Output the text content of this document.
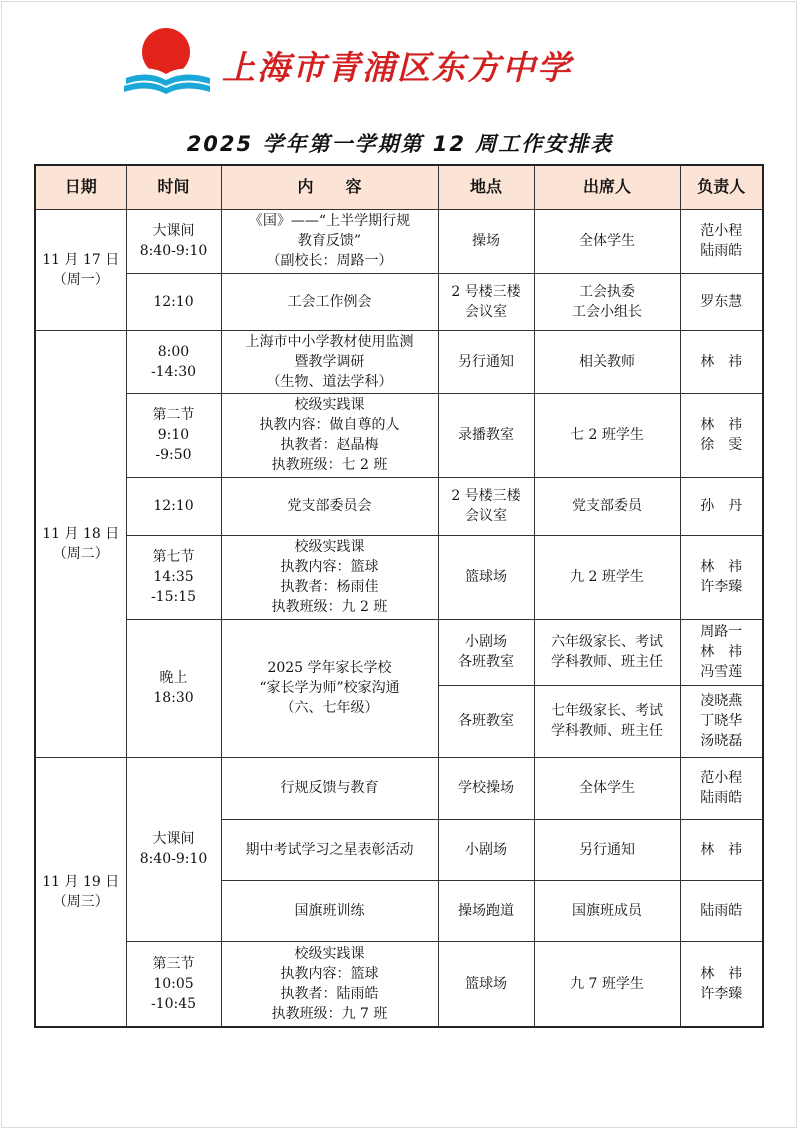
上海市青浦区东方中学
2025 学年第一学期第 12 周工作安排表
日期	时间	内　　容	地点	出席人	负责人
11 月 17 日
（周一）	大课间
8:40-9:10	《国》——“上半学期行规
教育反馈”
（副校长：周路一）	操场	全体学生	范小程
陆雨皓
	12:10	工会工作例会	2 号楼三楼
会议室	工会执委
工会小组长	罗东慧
11 月 18 日
（周二）	8:00
-14:30	上海市中小学教材使用监测
暨教学调研
（生物、道法学科）	另行通知	相关教师	林　祎
	第二节
9:10
-9:50	校级实践课
执教内容：做自尊的人
执教者：赵晶梅
执教班级：七 2 班	录播教室	七 2 班学生	林　祎
徐　雯
	12:10	党支部委员会	2 号楼三楼
会议室	党支部委员	孙　丹
	第七节
14:35
-15:15	校级实践课
执教内容：篮球
执教者：杨雨佳
执教班级：九 2 班	篮球场	九 2 班学生	林　祎
许李臻
	晚上
18:30	2025 学年家长学校
“家长学为师”校家沟通
（六、七年级）	小剧场
各班教室	六年级家长、考试
学科教师、班主任	周路一
林　祎
冯雪莲
			各班教室	七年级家长、考试
学科教师、班主任	凌晓燕
丁晓华
汤晓磊
11 月 19 日
（周三）	大课间
8:40-9:10	行规反馈与教育	学校操场	全体学生	范小程
陆雨皓
		期中考试学习之星表彰活动	小剧场	另行通知	林　祎
		国旗班训练	操场跑道	国旗班成员	陆雨皓
	第三节
10:05
-10:45	校级实践课
执教内容：篮球
执教者：陆雨皓
执教班级：九 7 班	篮球场	九 7 班学生	林　祎
许李臻
